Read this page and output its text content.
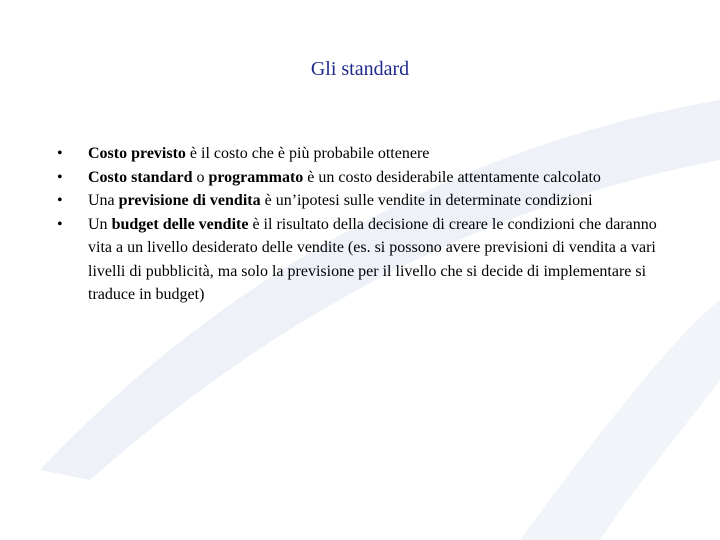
Gli standard
• Costo previsto è il costo che è più probabile ottenere
• Costo standard o programmato è un costo desiderabile attentamente calcolato
• Una previsione di vendita è un’ipotesi sulle vendite in determinate condizioni
• Un budget delle vendite è il risultato della decisione di creare le condizioni che daranno vita a un livello desiderato delle vendite (es. si possono avere previsioni di vendita a vari livelli di pubblicità, ma solo la previsione per il livello che si decide di implementare si traduce in budget)
